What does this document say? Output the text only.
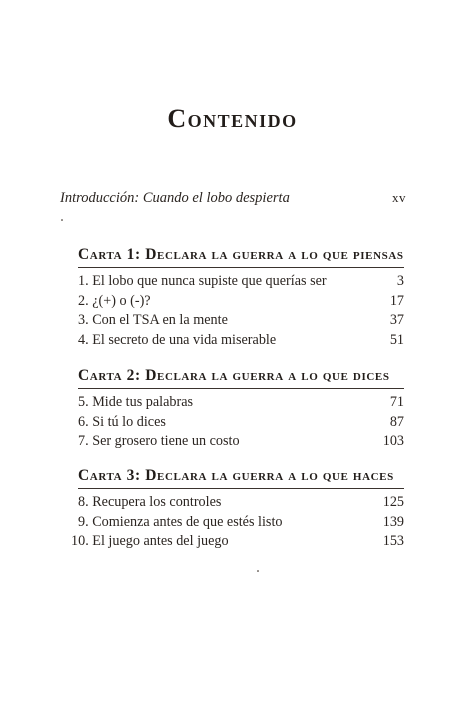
Contenido
Introducción: Cuando el lobo despierta	xv
Carta 1: Declara la guerra a lo que piensas
1. El lobo que nunca supiste que querías ser	3
2. ¿(+) o (-)?	17
3. Con el TSA en la mente	37
4. El secreto de una vida miserable	51
Carta 2: Declara la guerra a lo que dices
5. Mide tus palabras	71
6. Si tú lo dices	87
7. Ser grosero tiene un costo	103
Carta 3: Declara la guerra a lo que haces
8. Recupera los controles	125
9. Comienza antes de que estés listo	139
10. El juego antes del juego	153
